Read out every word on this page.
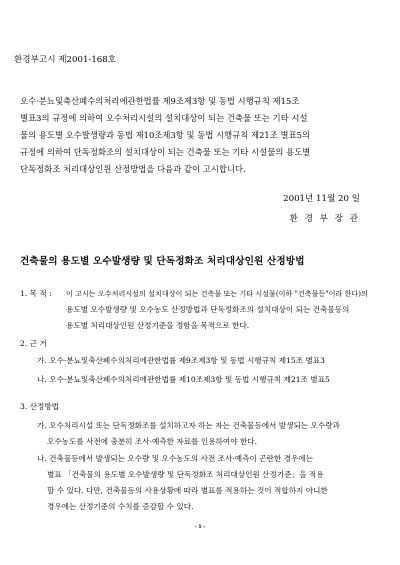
환경부고시 제2001-168호
오수·분뇨및축산폐수의처리에관한법률 제9조제3항 및 동법 시행규칙 제15조
별표3의 규정에 의하여 오수처리시설의 설치대상이 되는 건축물 또는 기타 시설
물의 용도별 오수발생량과 동법 제10조제3항 및 동법 시행규칙 제21조 별표5의
규정에 의하여 단독정화조의 설치대상이 되는 건축물 또는 기타 시설물의 용도별
단독정화조 처리대상인원 산정방법을 다음과 같이 고시합니다.
2001년 11월 20 일
환 경 부 장 관
건축물의 용도별 오수발생량 및 단독정화조 처리대상인원 산정방법
1. 목 적 : 이 고시는 오수처리시설의 설치대상이 되는 건축물 또는 기타 시설물(이하 "건축물등"이라 한다)의
용도별 오수발생량 및 오수농도 산정방법과 단독정화조의 설치대상이 되는 건축물등의
용도별 처리대상인원 산정기준을 정함을 목적으로 한다.
2. 근 거
가. 오수·분뇨및축산폐수의처리에관한법률 제9조제3항 및 동법 시행규칙 제15조 별표3
나. 오수·분뇨및축산폐수의처리에관한법률 제10조제3항 및 동법 시행규칙 제21조 별표5
3. 산정방법
가. 오수처리시설 또는 단독정화조를 설치하고자 하는 자는 건축물등에서 발생되는 오수량과
오수농도를 사전에 충분히 조사·예측한 자료를 인용하여야 한다.
나. 건축물등에서 발생되는 오수량 및 오수농도의 사전 조사·예측이 곤란한 경우에는
별표 「건축물의 용도별 오수발생량 및 단독정화조 처리대상인원 산정기준」을 적용
할 수 있다. 다만, 건축물등의 사용상황에 따라 별표를 적용하는 것이 적합하지 아니한
경우에는 산정기준의 수치를 증감할 수 있다.
- 1 -
